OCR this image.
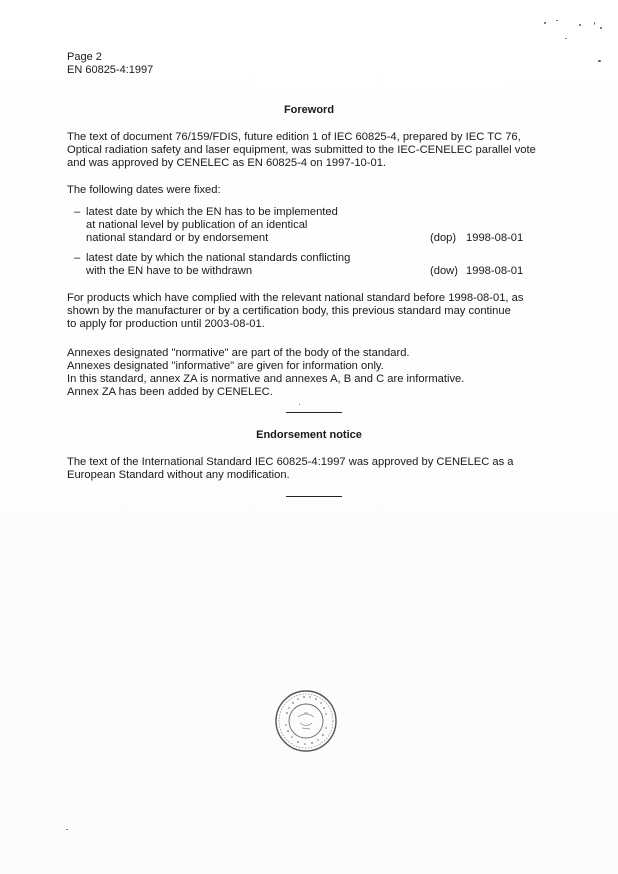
Page 2
EN 60825-4:1997
Foreword
The text of document 76/159/FDIS, future edition 1 of IEC 60825-4, prepared by IEC TC 76,
Optical radiation safety and laser equipment, was submitted to the IEC-CENELEC parallel vote
and was approved by CENELEC as EN 60825-4 on 1997-10-01.
The following dates were fixed:
– latest date by which the EN has to be implemented
at national level by publication of an identical
national standard or by endorsement	(dop) 1998-08-01
– latest date by which the national standards conflicting
with the EN have to be withdrawn	(dow) 1998-08-01
For products which have complied with the relevant national standard before 1998-08-01, as
shown by the manufacturer or by a certification body, this previous standard may continue
to apply for production until 2003-08-01.
Annexes designated "normative" are part of the body of the standard.
Annexes designated "informative" are given for information only.
In this standard, annex ZA is normative and annexes A, B and C are informative.
Annex ZA has been added by CENELEC.
Endorsement notice
The text of the International Standard IEC 60825-4:1997 was approved by CENELEC as a
European Standard without any modification.
